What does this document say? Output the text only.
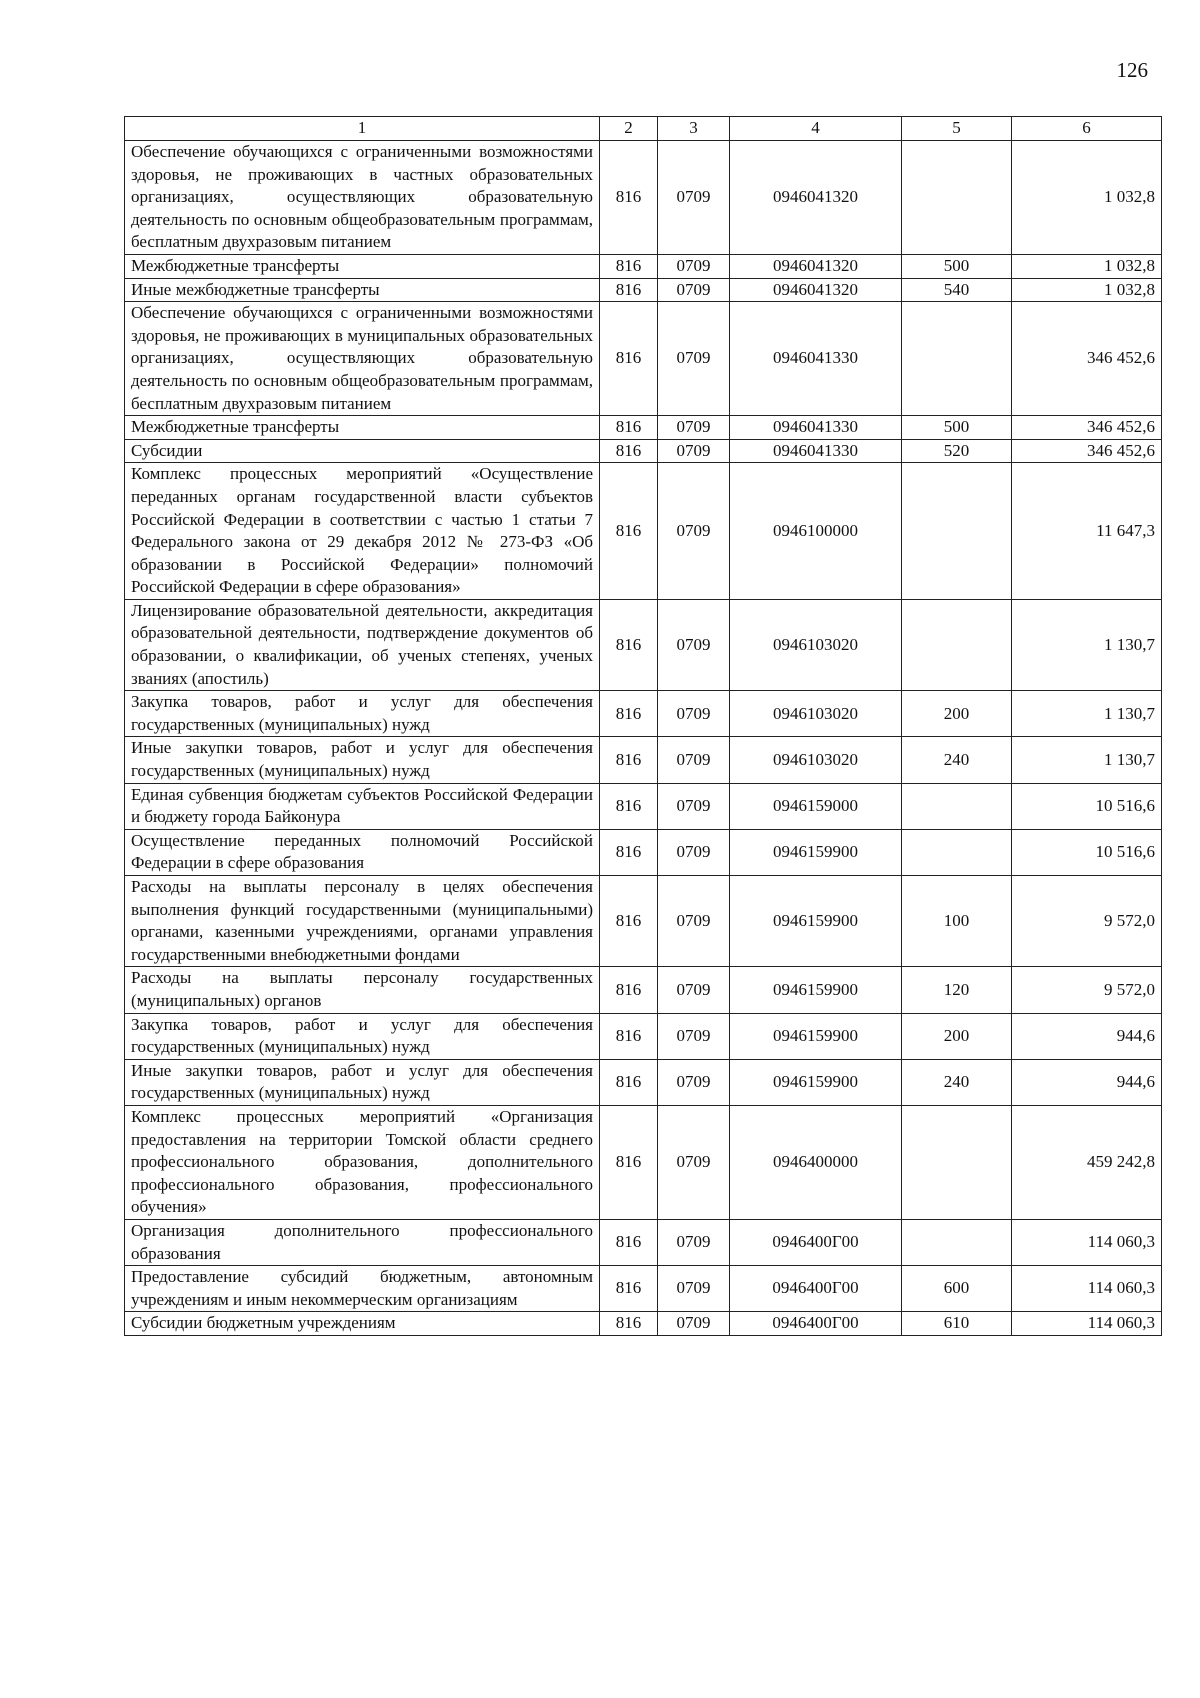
126
1	2	3	4	5	6
Обеспечение обучающихся с ограниченными возможностями здоровья, не проживающих в частных образовательных организациях, осуществляющих образовательную деятельность по основным общеобразовательным программам, бесплатным двухразовым питанием	816	0709	0946041320		1 032,8
Межбюджетные трансферты	816	0709	0946041320	500	1 032,8
Иные межбюджетные трансферты	816	0709	0946041320	540	1 032,8
Обеспечение обучающихся с ограниченными возможностями здоровья, не проживающих в муниципальных образовательных организациях, осуществляющих образовательную деятельность по основным общеобразовательным программам, бесплатным двухразовым питанием	816	0709	0946041330		346 452,6
Межбюджетные трансферты	816	0709	0946041330	500	346 452,6
Субсидии	816	0709	0946041330	520	346 452,6
Комплекс процессных мероприятий «Осуществление переданных органам государственной власти субъектов Российской Федерации в соответствии с частью 1 статьи 7 Федерального закона от 29 декабря 2012 № 273-ФЗ «Об образовании в Российской Федерации» полномочий Российской Федерации в сфере образования»	816	0709	0946100000		11 647,3
Лицензирование образовательной деятельности, аккредитация образовательной деятельности, подтверждение документов об образовании, о квалификации, об ученых степенях, ученых званиях (апостиль)	816	0709	0946103020		1 130,7
Закупка товаров, работ и услуг для обеспечения государственных (муниципальных) нужд	816	0709	0946103020	200	1 130,7
Иные закупки товаров, работ и услуг для обеспечения государственных (муниципальных) нужд	816	0709	0946103020	240	1 130,7
Единая субвенция бюджетам субъектов Российской Федерации и бюджету города Байконура	816	0709	0946159000		10 516,6
Осуществление переданных полномочий Российской Федерации в сфере образования	816	0709	0946159900		10 516,6
Расходы на выплаты персоналу в целях обеспечения выполнения функций государственными (муниципальными) органами, казенными учреждениями, органами управления государственными внебюджетными фондами	816	0709	0946159900	100	9 572,0
Расходы на выплаты персоналу государственных (муниципальных) органов	816	0709	0946159900	120	9 572,0
Закупка товаров, работ и услуг для обеспечения государственных (муниципальных) нужд	816	0709	0946159900	200	944,6
Иные закупки товаров, работ и услуг для обеспечения государственных (муниципальных) нужд	816	0709	0946159900	240	944,6
Комплекс процессных мероприятий «Организация предоставления на территории Томской области среднего профессионального образования, дополнительного профессионального образования, профессионального обучения»	816	0709	0946400000		459 242,8
Организация дополнительного профессионального образования	816	0709	0946400Г00		114 060,3
Предоставление субсидий бюджетным, автономным учреждениям и иным некоммерческим организациям	816	0709	0946400Г00	600	114 060,3
Субсидии бюджетным учреждениям	816	0709	0946400Г00	610	114 060,3
